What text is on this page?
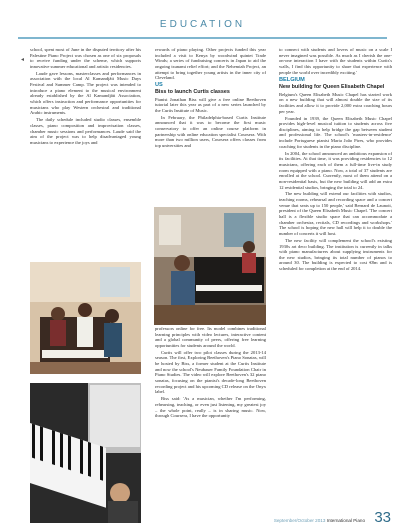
EDUCATION
◂

school, spent most of June in the disputed territory after his Palestine Piano Project was chosen as one of six proposals to receive funding under the scheme, which supports innovative summer educational and artistic residencies.

Laude gave lessons, masterclasses and performances in association with the local Al Kamandjâti Music Days Festival and Summer Camp. The project was intended to introduce a piano element to the musical environment already established by the Al Kamandjâti Association, which offers instruction and performance opportunities for musicians who play Western orchestral and traditional Arabic instruments.

The daily schedule included studio classes, ensemble classes, piano composition and improvisation classes, chamber music sessions and performances. Laude said the aim of the project was to help disadvantaged young musicians to experience the joys and

rewards of piano playing. Other projects funded this year included a visit to Kenya by woodwind quintet Trade Winds; a series of fundraising concerts in Japan to aid the ongoing tsunami relief effort; and the Nehemiah Project, an attempt to bring together young artists in the inner city of Cleveland.

US
Biss to launch Curtis classes

Pianist Jonathan Biss will give a free online Beethoven tutorial later this year as part of a new series launched by the Curtis Institute of Music.

In February, the Philadelphia-based Curtis Institute announced that it was to become the first music conservatory to offer an online course platform in partnership with online education specialist Coursera. With more than two million users, Coursera offers classes from top universities and

professors online for free. Its model combines traditional learning principles with video lectures, interactive content and a global community of peers, offering free learning opportunities for students around the world.

Curtis will offer two pilot classes during the 2013-14 season. The first, Exploring Beethoven's Piano Sonatas, will be hosted by Biss, a former student at the Curtis Institute and now the school's Neubauer Family Foundation Chair in Piano Studies. The video will explore Beethoven's 32 piano sonatas, focusing on the pianist's decade-long Beethoven recording project and his upcoming CD release on the Onyx label.

Biss said: 'As a musician, whether I'm performing, rehearsing, teaching, or even just listening, my greatest joy – the whole point, really – is in sharing music. Now, through Coursera, I have the opportunity

to connect with students and lovers of music on a scale I never imagined was possible. As much as I cherish the one-on-one interaction I have with the students within Curtis's walls, I find this opportunity to share that experience with people the world over incredibly exciting.'

BELGIUM
New building for Queen Elisabeth Chapel

Belgium's Queen Elisabeth Music Chapel has started work on a new building that will almost double the size of its facilities and allow it to provide 2,000 extra coaching hours per year.

Founded in 1939, the Queen Elisabeth Music Chapel provides high-level musical tuition to students across five disciplines, aiming to help bridge the gap between student and professional life. The school's 'masters-in-residence' include Portuguese pianist Maria João Pires, who provides coaching for students in the piano discipline.

In 2004, the school announced an ambitious expansion of its facilities. At that time, it was providing residencies to 12 musicians, offering each of them a full-time live-in study room equipped with a piano. Now, a total of 37 students are enrolled at the school. Currently, most of them attend on a non-residential basis, but the new building will add an extra 12 residential studios, bringing the total to 24.

The new building will extend our facilities with studios, teaching rooms, rehearsal and recording space and a concert venue that seats up to 150 people,' said Bernard de Launoit, president of the Queen Elisabeth Music Chapel. 'The concert hall is a flexible studio space that can accommodate a chamber orchestra, recitals, CD recordings and workshops.' The school is hoping the new hall will help it to double the number of concerts it will host.

The new facility will complement the school's existing 1930s art deco building. The institution is currently in talks with piano manufacturers about supplying instruments for the new studios, bringing its total number of pianos to around 30. The building is expected to cost €8m and is scheduled for completion at the end of 2014.

September/October 2013 International Piano 33
